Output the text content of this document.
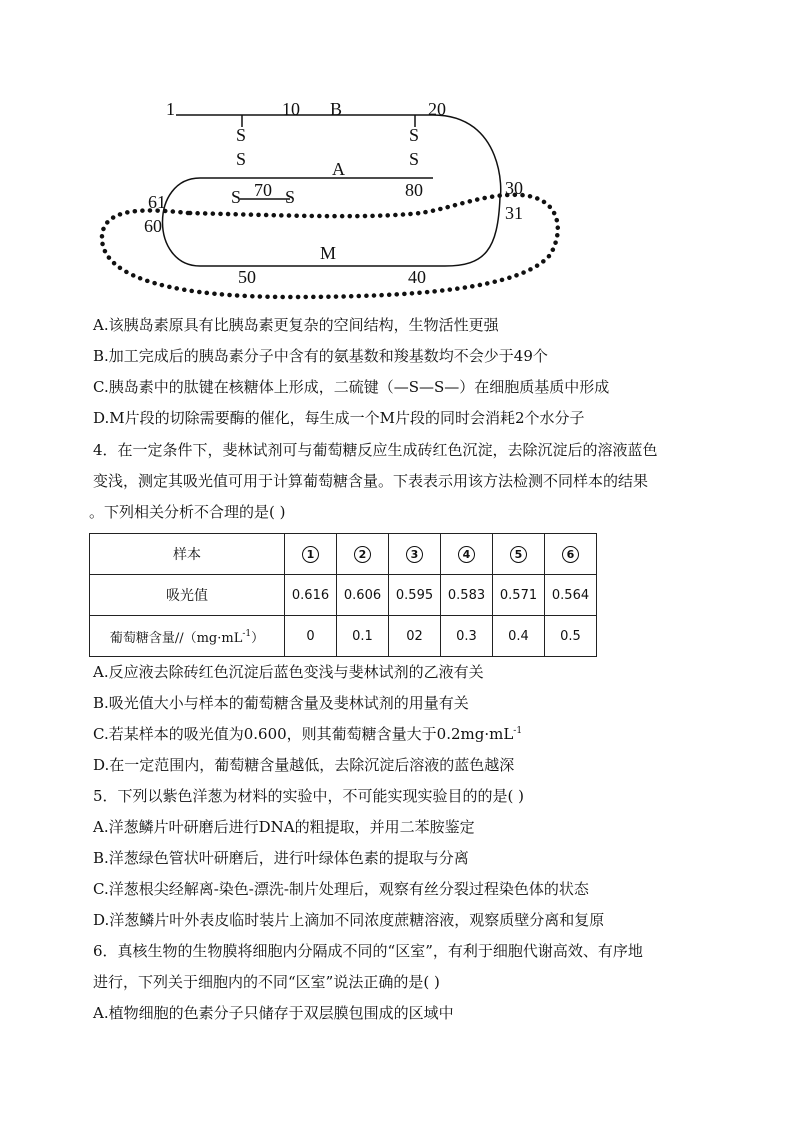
1	10 B	20
S
S
S
S
A
S 70 S	80
61
60
30
31
M
50	40

A.该胰岛素原具有比胰岛素更复杂的空间结构，生物活性更强

B.加工完成后的胰岛素分子中含有的氨基数和羧基数均不会少于49个

C.胰岛素中的肽键在核糖体上形成，二硫键（—S—S—）在细胞质基质中形成

D.M片段的切除需要酶的催化，每生成一个M片段的同时会消耗2个水分子

4．在一定条件下，斐林试剂可与葡萄糖反应生成砖红色沉淀，去除沉淀后的溶液蓝色

变浅，测定其吸光值可用于计算葡萄糖含量。下表表示用该方法检测不同样本的结果

。下列相关分析不合理的是( )

样本	1	2	3	4	5	6
吸光值	0.616	0.606	0.595	0.583	0.571	0.564
葡萄糖含量$//(mg\cdot mL^{-1})$	0	0.1	02	0.3	0.4	0.5

A.反应液去除砖红色沉淀后蓝色变浅与斐林试剂的乙液有关

B.吸光值大小与样本的葡萄糖含量及斐林试剂的用量有关

C.若某样本的吸光值为0.600，则其葡萄糖含量大于$0.2mg\cdot mL^{-1}$

D.在一定范围内，葡萄糖含量越低，去除沉淀后溶液的蓝色越深

5．下列以紫色洋葱为材料的实验中，不可能实现实验目的的是( )

A.洋葱鳞片叶研磨后进行DNA的粗提取，并用二苯胺鉴定

B.洋葱绿色管状叶研磨后，进行叶绿体色素的提取与分离

C.洋葱根尖经解离-染色-漂洗-制片处理后，观察有丝分裂过程染色体的状态

D.洋葱鳞片叶外表皮临时装片上滴加不同浓度蔗糖溶液，观察质壁分离和复原

6．真核生物的生物膜将细胞内分隔成不同的“区室”，有利于细胞代谢高效、有序地

进行，下列关于细胞内的不同“区室”说法正确的是( )

A.植物细胞的色素分子只储存于双层膜包围成的区域中
